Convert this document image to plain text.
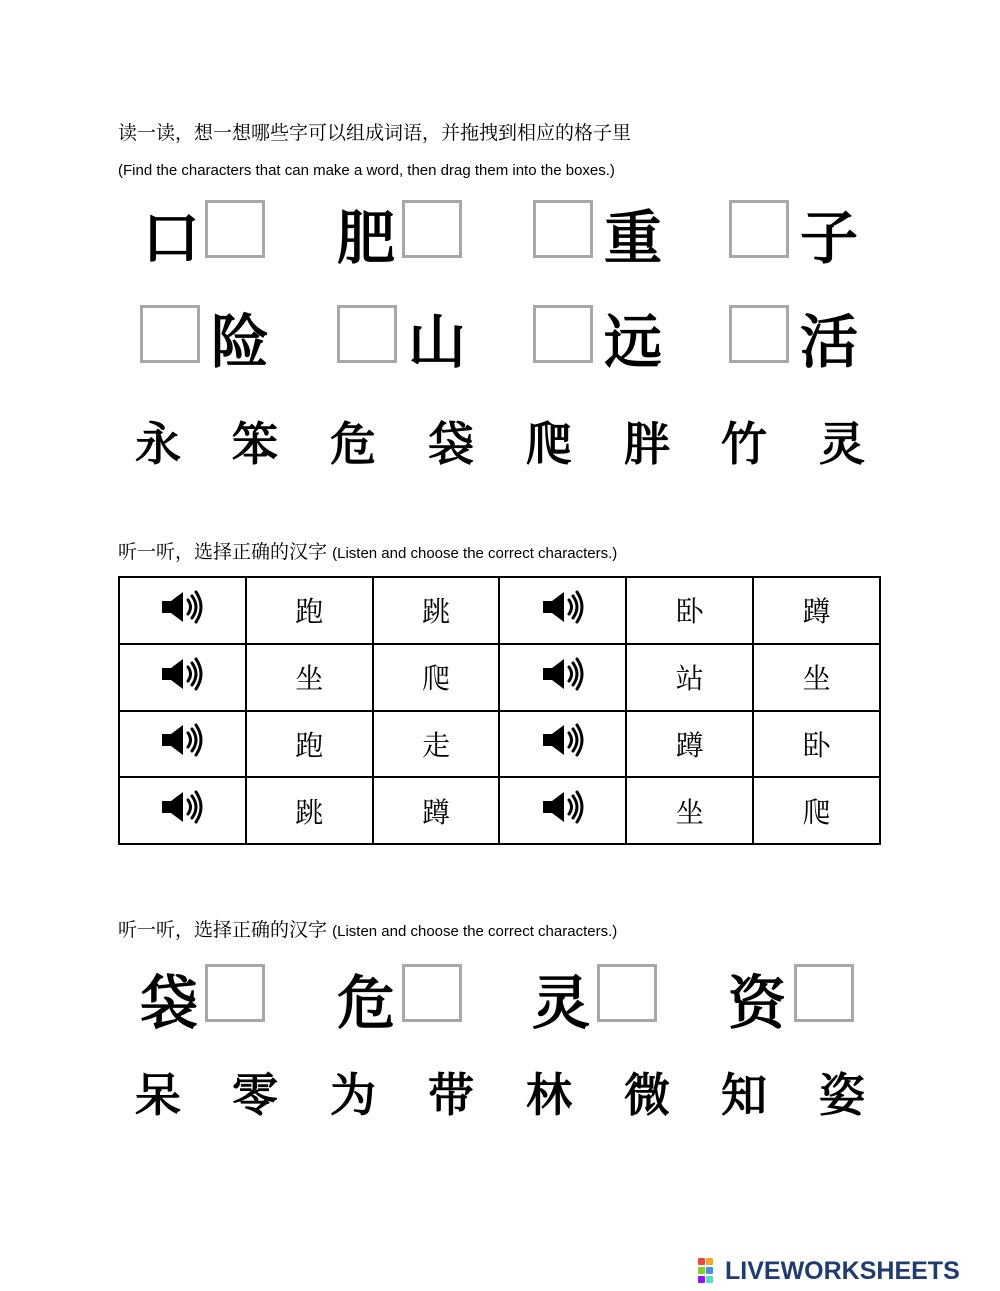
读一读，想一想哪些字可以组成词语，并拖拽到相应的格子里
(Find the characters that can make a word, then drag them into the boxes.)
口 肥	重 子
险 山 远 活
永 笨 危 袋 爬 胖 竹 灵
听一听，选择正确的汉字 (Listen and choose the correct characters.)
	跑	跳		卧	蹲
	坐	爬		站	坐
	跑	走		蹲	卧
	跳	蹲		坐	爬
听一听，选择正确的汉字 (Listen and choose the correct characters.)
袋 危 灵 资
呆 零 为 带 林 微 知 姿
LIVEWORKSHEETS
